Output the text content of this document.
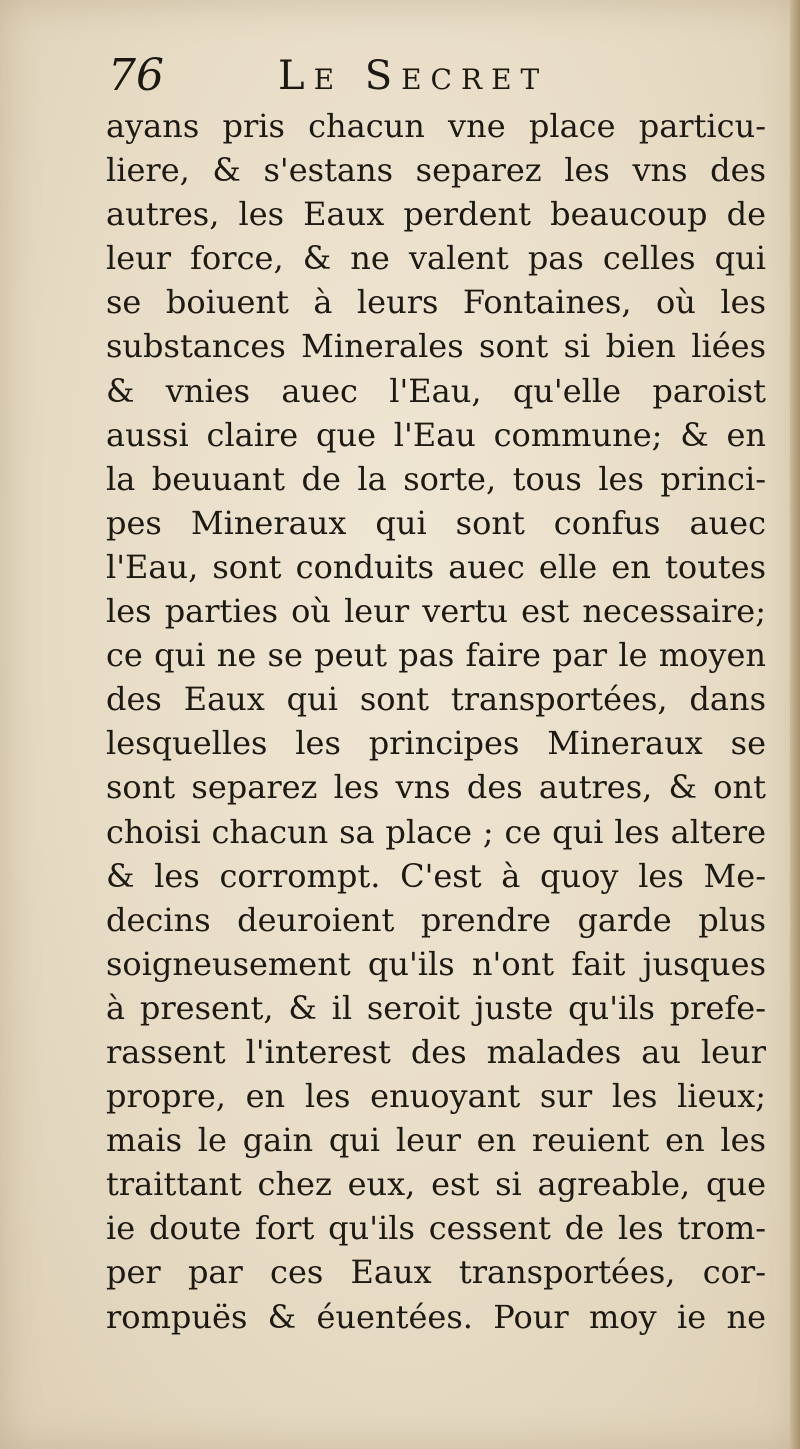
76	Le Secret
ayans pris chacun vne place particu-
liere, & s'estans separez les vns des
autres, les Eaux perdent beaucoup de
leur force, & ne valent pas celles qui
se boiuent à leurs Fontaines, où les
substances Minerales sont si bien liées
& vnies auec l'Eau, qu'elle paroist
aussi claire que l'Eau commune; & en
la beuuant de la sorte, tous les princi-
pes Mineraux qui sont confus auec
l'Eau, sont conduits auec elle en toutes
les parties où leur vertu est necessaire;
ce qui ne se peut pas faire par le moyen
des Eaux qui sont transportées, dans
lesquelles les principes Mineraux se
sont separez les vns des autres, & ont
choisi chacun sa place ; ce qui les altere
& les corrompt. C'est à quoy les Me-
decins deuroient prendre garde plus
soigneusement qu'ils n'ont fait jusques
à present, & il seroit juste qu'ils prefe-
rassent l'interest des malades au leur
propre, en les enuoyant sur les lieux;
mais le gain qui leur en reuient en les
traittant chez eux, est si agreable, que
ie doute fort qu'ils cessent de les trom-
per par ces Eaux transportées, cor-
rompuës & éuentées. Pour moy ie ne
